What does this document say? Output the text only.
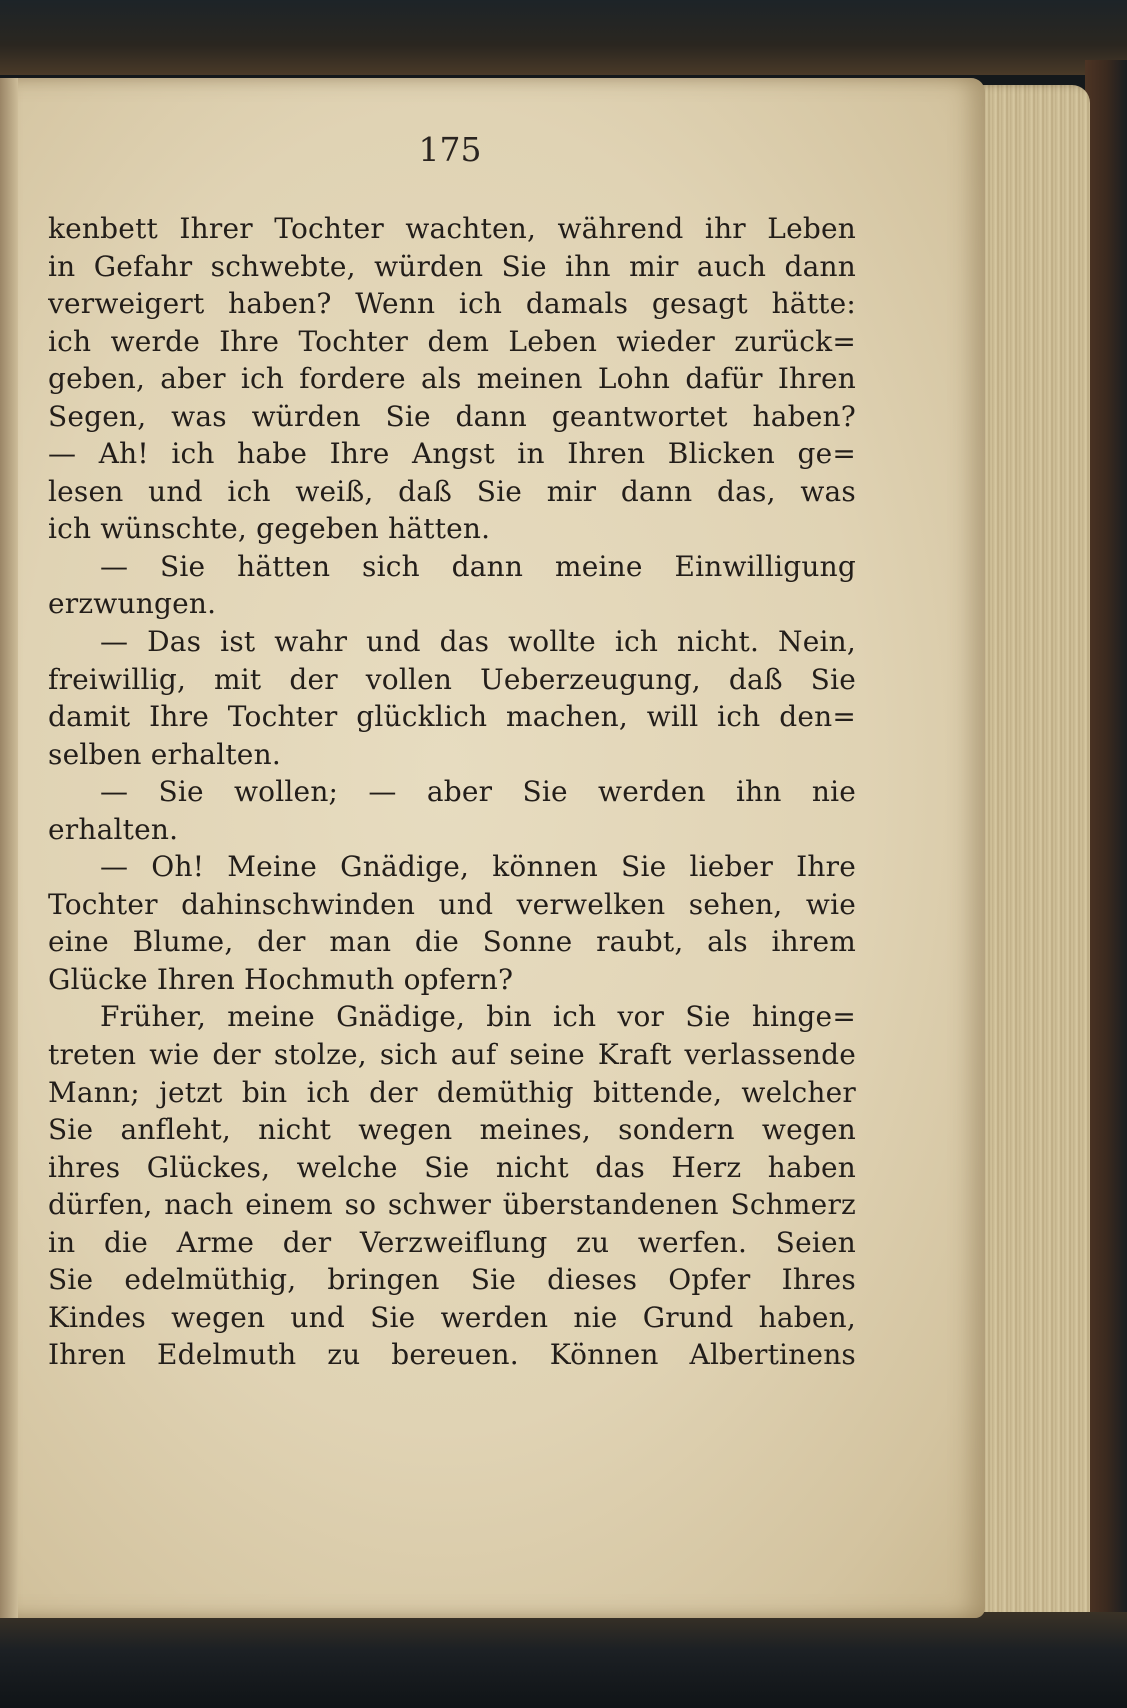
175
kenbett Ihrer Tochter wachten, während ihr Leben
in Gefahr schwebte, würden Sie ihn mir auch dann
verweigert haben? Wenn ich damals gesagt hätte:
ich werde Ihre Tochter dem Leben wieder zurück=
geben, aber ich fordere als meinen Lohn dafür Ihren
Segen, was würden Sie dann geantwortet haben?
— Ah! ich habe Ihre Angst in Ihren Blicken ge=
lesen und ich weiß, daß Sie mir dann das, was
ich wünschte, gegeben hätten.
— Sie hätten sich dann meine Einwilligung
erzwungen.
— Das ist wahr und das wollte ich nicht. Nein,
freiwillig, mit der vollen Ueberzeugung, daß Sie
damit Ihre Tochter glücklich machen, will ich den=
selben erhalten.
— Sie wollen; — aber Sie werden ihn nie
erhalten.
— Oh! Meine Gnädige, können Sie lieber Ihre
Tochter dahinschwinden und verwelken sehen, wie
eine Blume, der man die Sonne raubt, als ihrem
Glücke Ihren Hochmuth opfern?
Früher, meine Gnädige, bin ich vor Sie hinge=
treten wie der stolze, sich auf seine Kraft verlassende
Mann; jetzt bin ich der demüthig bittende, welcher
Sie anfleht, nicht wegen meines, sondern wegen
ihres Glückes, welche Sie nicht das Herz haben
dürfen, nach einem so schwer überstandenen Schmerz
in die Arme der Verzweiflung zu werfen. Seien
Sie edelmüthig, bringen Sie dieses Opfer Ihres
Kindes wegen und Sie werden nie Grund haben,
Ihren Edelmuth zu bereuen. Können Albertinens
